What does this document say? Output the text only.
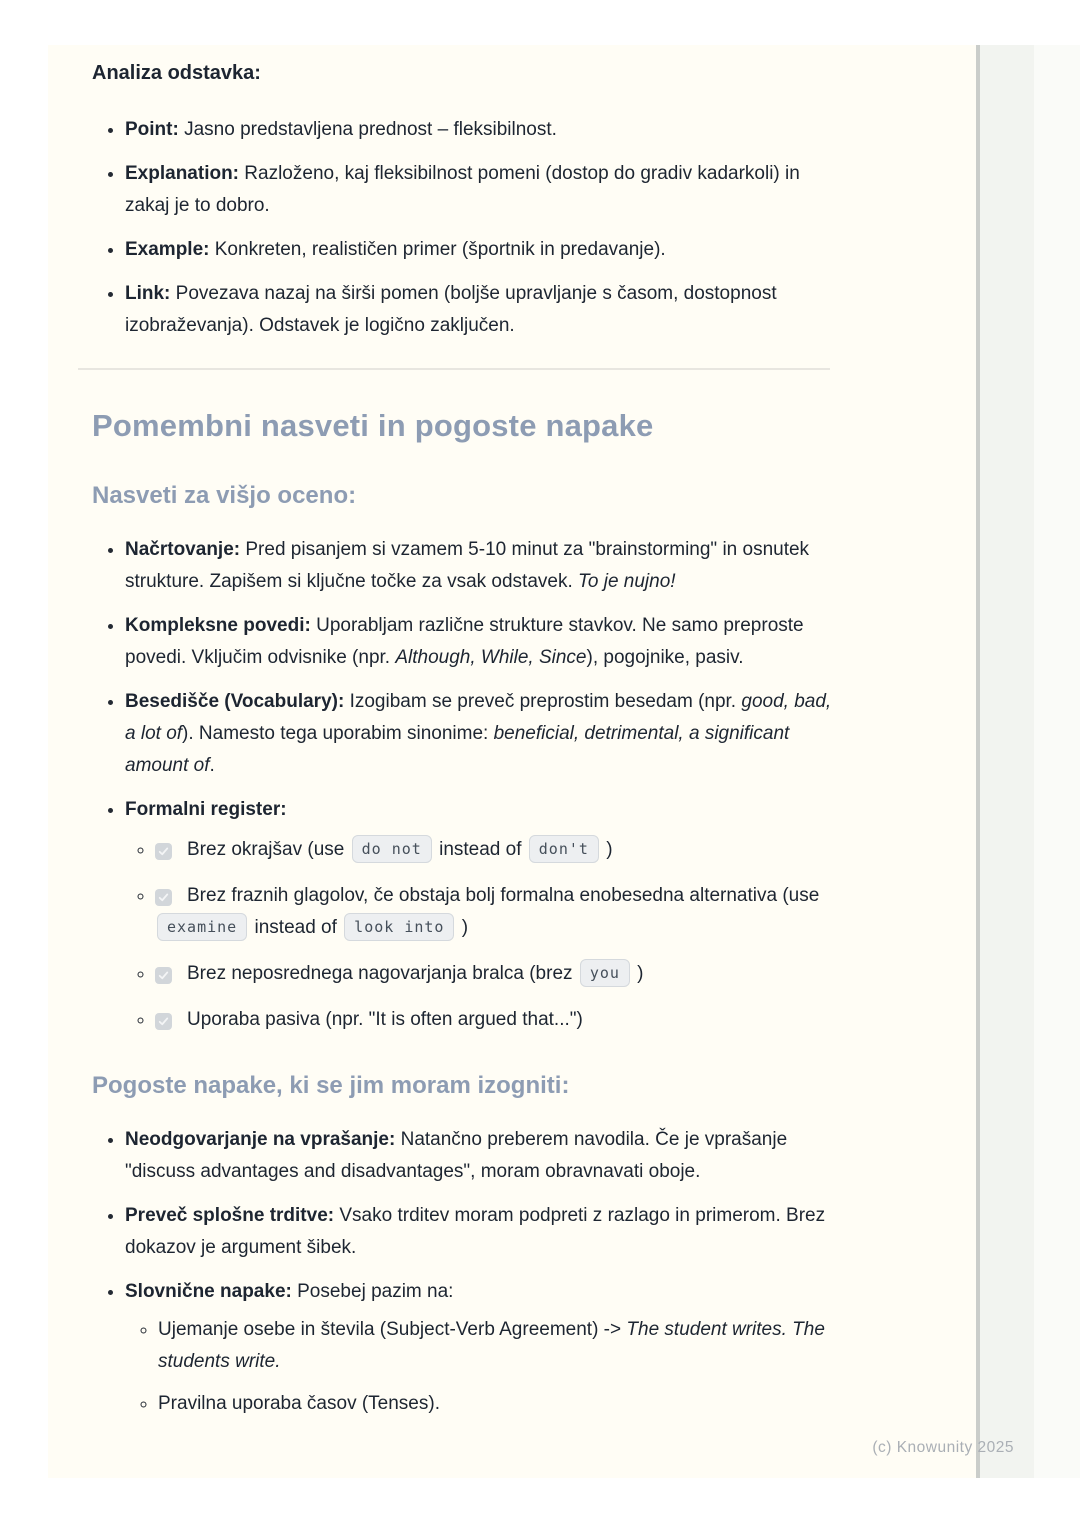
Analiza odstavka:
• Point: Jasno predstavljena prednost – fleksibilnost.
• Explanation: Razloženo, kaj fleksibilnost pomeni (dostop do gradiv kadarkoli) in zakaj je to dobro.
• Example: Konkreten, realističen primer (športnik in predavanje).
• Link: Povezava nazaj na širši pomen (boljše upravljanje s časom, dostopnost izobraževanja). Odstavek je logično zaključen.
Pomembni nasveti in pogoste napake
Nasveti za višjo oceno:
• Načrtovanje: Pred pisanjem si vzamem 5-10 minut za "brainstorming" in osnutek strukture. Zapišem si ključne točke za vsak odstavek. To je nujno!
• Kompleksne povedi: Uporabljam različne strukture stavkov. Ne samo preproste povedi. Vključim odvisnike (npr. Although, While, Since), pogojnike, pasiv.
• Besedišče (Vocabulary): Izogibam se preveč preprostim besedam (npr. good, bad, a lot of). Namesto tega uporabim sinonime: beneficial, detrimental, a significant amount of.
• Formalni register:
◦ Brez okrajšav (use do not instead of don't )
◦ Brez fraznih glagolov, če obstaja bolj formalna enobesedna alternativa (use examine instead of look into )
◦ Brez neposrednega nagovarjanja bralca (brez you )
◦ Uporaba pasiva (npr. "It is often argued that...")
Pogoste napake, ki se jim moram izogniti:
• Neodgovarjanje na vprašanje: Natančno preberem navodila. Če je vprašanje "discuss advantages and disadvantages", moram obravnavati oboje.
• Preveč splošne trditve: Vsako trditev moram podpreti z razlago in primerom. Brez dokazov je argument šibek.
• Slovnične napake: Posebej pazim na:
◦ Ujemanje osebe in števila (Subject-Verb Agreement) -> The student writes. The students write.
◦ Pravilna uporaba časov (Tenses).
(c) Knowunity 2025
